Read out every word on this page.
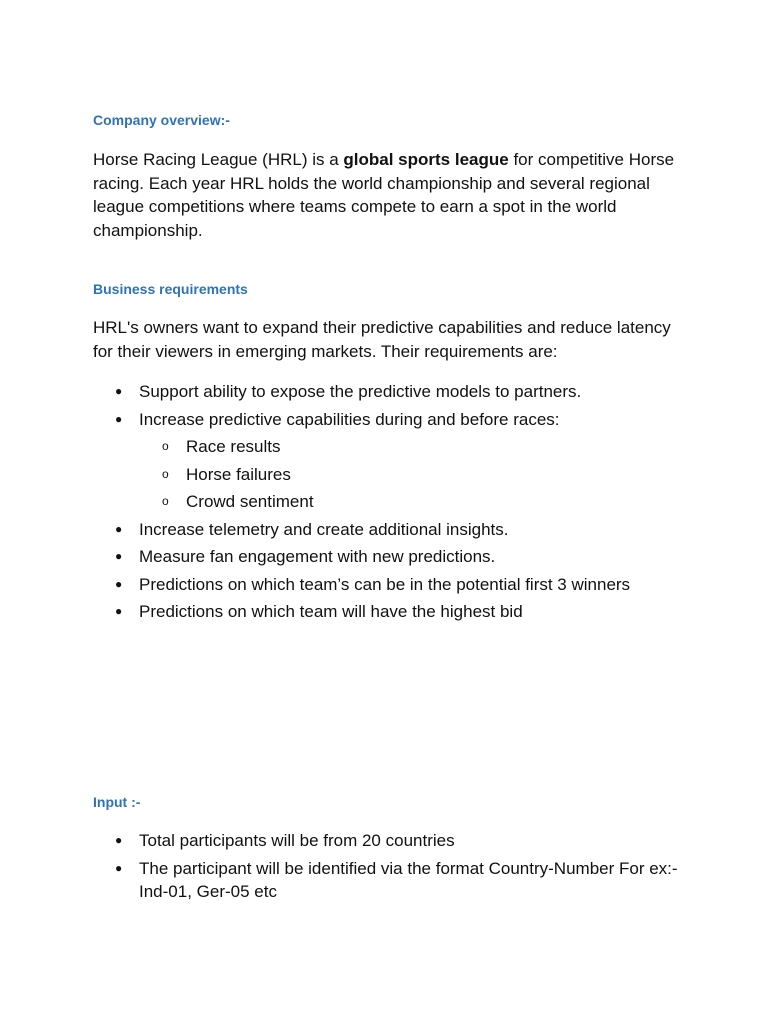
Company overview:-

Horse Racing League (HRL) is a global sports league for competitive Horse racing. Each year HRL holds the world championship and several regional league competitions where teams compete to earn a spot in the world championship.

Business requirements

HRL's owners want to expand their predictive capabilities and reduce latency for their viewers in emerging markets. Their requirements are:

● Support ability to expose the predictive models to partners.
● Increase predictive capabilities during and before races:
o	Race results
o	Horse failures
o	Crowd sentiment
● Increase telemetry and create additional insights.
● Measure fan engagement with new predictions.
● Predictions on which team’s can be in the potential first 3 winners
● Predictions on which team will have the highest bid
Input :-
● Total participants will be from 20 countries
● The participant will be identified via the format Country-Number For ex:- Ind-01, Ger-05 etc
